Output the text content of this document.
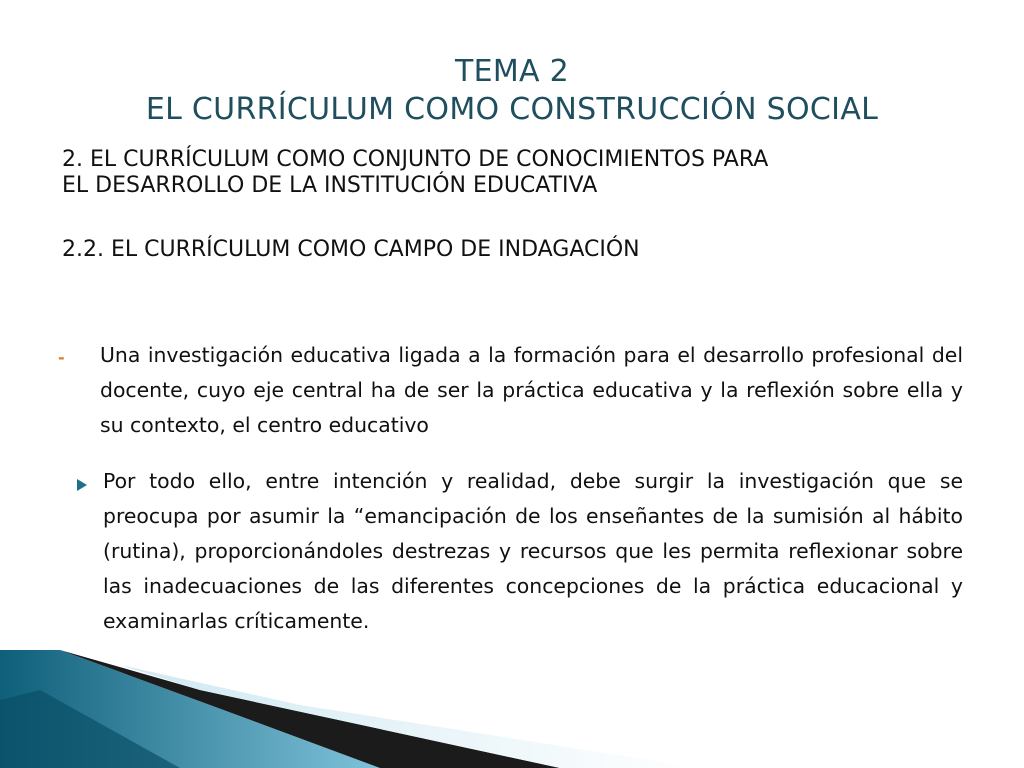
TEMA 2
EL CURRÍCULUM COMO CONSTRUCCIÓN SOCIAL
2. EL CURRÍCULUM COMO CONJUNTO DE CONOCIMIENTOS PARA
EL DESARROLLO DE LA INSTITUCIÓN EDUCATIVA
2.2. EL CURRÍCULUM COMO CAMPO DE INDAGACIÓN
- Una investigación educativa ligada a la formación para el desarrollo profesional del docente, cuyo eje central ha de ser la práctica educativa y la reflexión sobre ella y su contexto, el centro educativo
Por todo ello, entre intención y realidad, debe surgir la investigación que se preocupa por asumir la “emancipación de los enseñantes de la sumisión al hábito (rutina), proporcionándoles destrezas y recursos que les permita reflexionar sobre las inadecuaciones de las diferentes concepciones de la práctica educacional y examinarlas críticamente.
